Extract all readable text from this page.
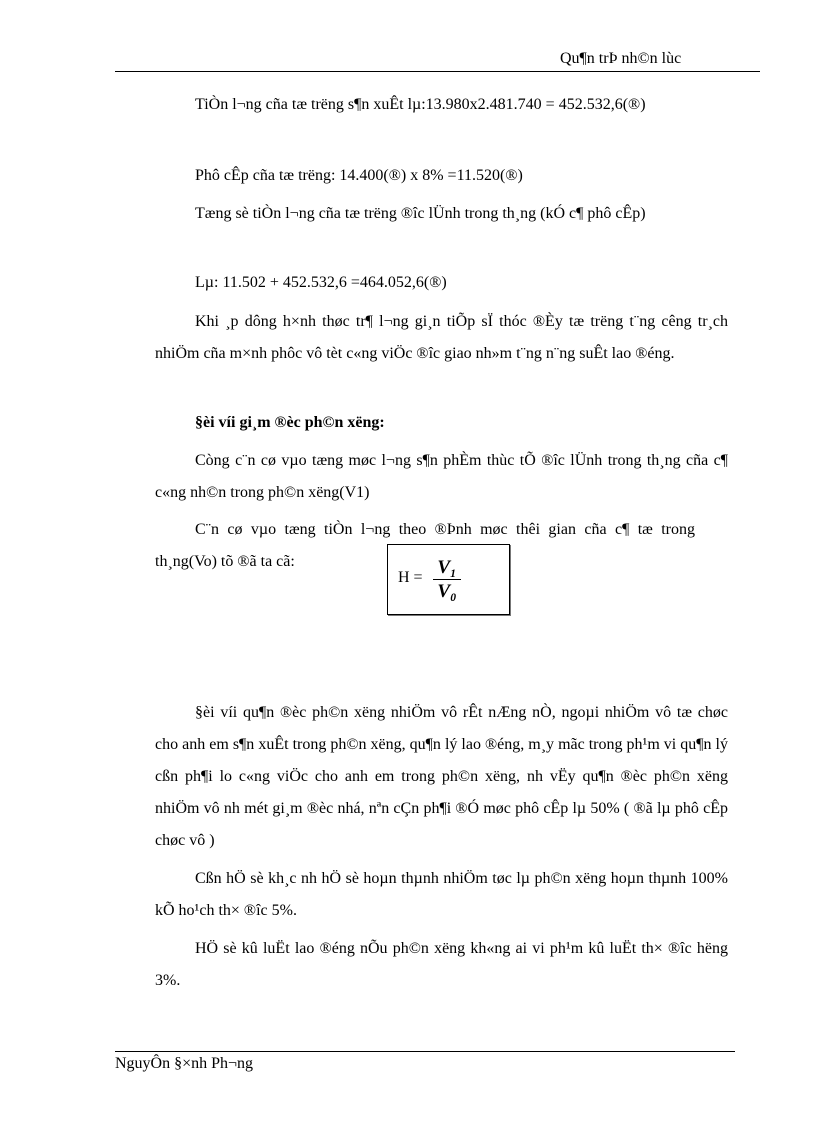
Qu¶n trÞ nh©n lùc

TiÒn l¬ng cña tæ trëng s¶n xuÊt lµ:13.980x2.481.740 = 452.532,6(®)

Phô cÊp cña tæ trëng: 14.400(®) x 8% =11.520(®)

Tæng sè tiÒn l¬ng cña tæ trëng ®îc lÜnh trong th¸ng (kÓ c¶ phô cÊp)

Lµ: 11.502 + 452.532,6 =464.052,6(®)

Khi ¸p dông h×nh thøc tr¶ l¬ng gi¸n tiÕp sÏ thóc ®Èy tæ trëng t¨ng cêng tr¸ch nhiÖm cña m×nh phôc vô tèt c«ng viÖc ®îc giao nh»m t¨ng n¨ng suÊt lao ®éng.

§èi víi gi¸m ®èc ph©n xëng:

Còng c¨n cø vµo tæng møc l¬ng s¶n phÈm thùc tÕ ®îc lÜnh trong th¸ng cña c¶ c«ng nh©n trong ph©n xëng(V1)

C¨n cø vµo tæng tiÒn l¬ng theo ®Þnh møc thêi gian cña c¶ tæ trong th¸ng(Vo) tõ ®ã ta cã:

H = V₁
V₀

§èi víi qu¶n ®èc ph©n xëng nhiÖm vô rÊt nÆng nÒ, ngoµi nhiÖm vô tæ chøc cho anh em s¶n xuÊt trong ph©n xëng, qu¶n lý lao ®éng, m¸y mãc trong ph¹m vi qu¶n lý cßn ph¶i lo c«ng viÖc cho anh em trong ph©n xëng, nh vËy qu¶n ®èc ph©n xëng nhiÖm vô nh mét gi¸m ®èc nhá, nªn cÇn ph¶i ®Ó møc phô cÊp lµ 50% ( ®ã lµ phô cÊp chøc vô )

Cßn hÖ sè kh¸c nh hÖ sè hoµn thµnh nhiÖm tøc lµ ph©n xëng hoµn thµnh 100% kÕ ho¹ch th× ®îc 5%.

HÖ sè kû luËt lao ®éng nÕu ph©n xëng kh«ng ai vi ph¹m kû luËt th× ®îc hëng 3%.

NguyÔn §×nh Ph¬ng
